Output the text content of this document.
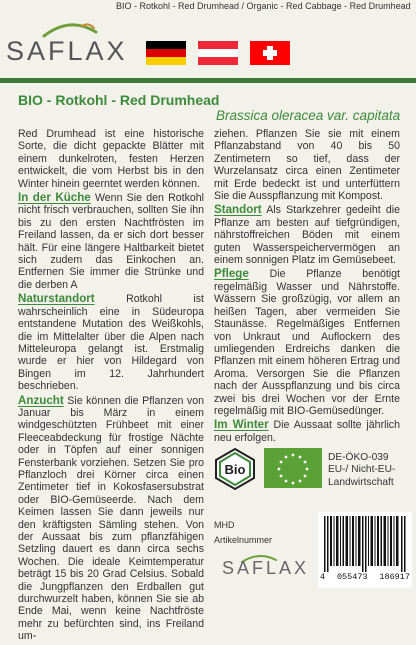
BIO - Rotkohl - Red Drumhead / Organic - Red Cabbage - Red Drumhead
SAFLAX
BIO - Rotkohl - Red Drumhead
Brassica oleracea var. capitata

Red Drumhead ist eine historische Sorte, die dicht gepackte Blätter mit einem dunkelroten, festen Herzen entwickelt, die vom Herbst bis in den Winter hinein geerntet werden können.

In der Küche Wenn Sie den Rotkohl nicht frisch verbrauchen, sollten Sie ihn bis zu den ersten Nachtfrösten im Freiland lassen, da er sich dort besser hält. Für eine längere Haltbarkeit bietet sich zudem das Einkochen an. Entfernen Sie immer die Strünke und die derben A

Naturstandort	Rotkohl ist wahrscheinlich eine in Südeuropa entstandene Mutation des Weißkohls, die im Mittelalter über die Alpen nach Mitteleuropa gelangt ist. Erstmalig wurde er hier von Hildegard von Bingen im 12. Jahrhundert beschrieben.

Anzucht Sie können die Pflanzen von Januar bis März in einem windgeschützten Frühbeet mit einer Fleeceabdeckung für frostige Nächte oder in Töpfen auf einer sonnigen Fensterbank vorziehen. Setzen Sie pro Pflanzloch drei Körner circa einen Zentimeter tief in Kokosfasersubstrat oder BIO-Gemüseerde. Nach dem Keimen lassen Sie dann jeweils nur den kräftigsten Sämling stehen. Von der Aussaat bis zum pflanzfähigen Setzling dauert es dann circa sechs Wochen. Die ideale Keimtemperatur beträgt 15 bis 20 Grad Celsius. Sobald die Jungpflanzen den Erdballen gut durchwurzelt haben, können Sie sie ab Ende Mai, wenn keine Nachtfröste mehr zu befürchten sind, ins Freiland um-

ziehen. Pflanzen Sie sie mit einem Pflanzabstand von 40 bis 50 Zentimetern so tief, dass der Wurzelansatz circa einen Zentimeter mit Erde bedeckt ist und unterfüttern Sie die Ausspflanzung mit Kompost.

Standort Als Starkzehrer gedeiht die Pflanze am besten auf tiefgründigen, nährstoffreichen Böden mit einem guten Wasserspeichervermögen an einem sonnigen Platz im Gemüsebeet.

Pflege Die Pflanze benötigt regelmäßig Wasser und Nährstoffe. Wässern Sie großzügig, vor allem an heißen Tagen, aber vermeiden Sie Staunässe. Regelmäßiges Entfernen von Unkraut und Auflockern des umliegenden Erdreichs danken die Pflanzen mit einem höheren Ertrag und Aroma. Versorgen Sie die Pflanzen nach der Ausspflanzung und bis circa zwei bis drei Wochen vor der Ernte regelmäßig mit BIO-Gemüsedünger.

Im Winter Die Aussaat sollte jährlich neu erfolgen.

Bio
DE-ÖKO-039
EU-/ Nicht-EU-
Landwirtschaft
MHD
Artikelnummer
SAFLAX 4 055473 186917
